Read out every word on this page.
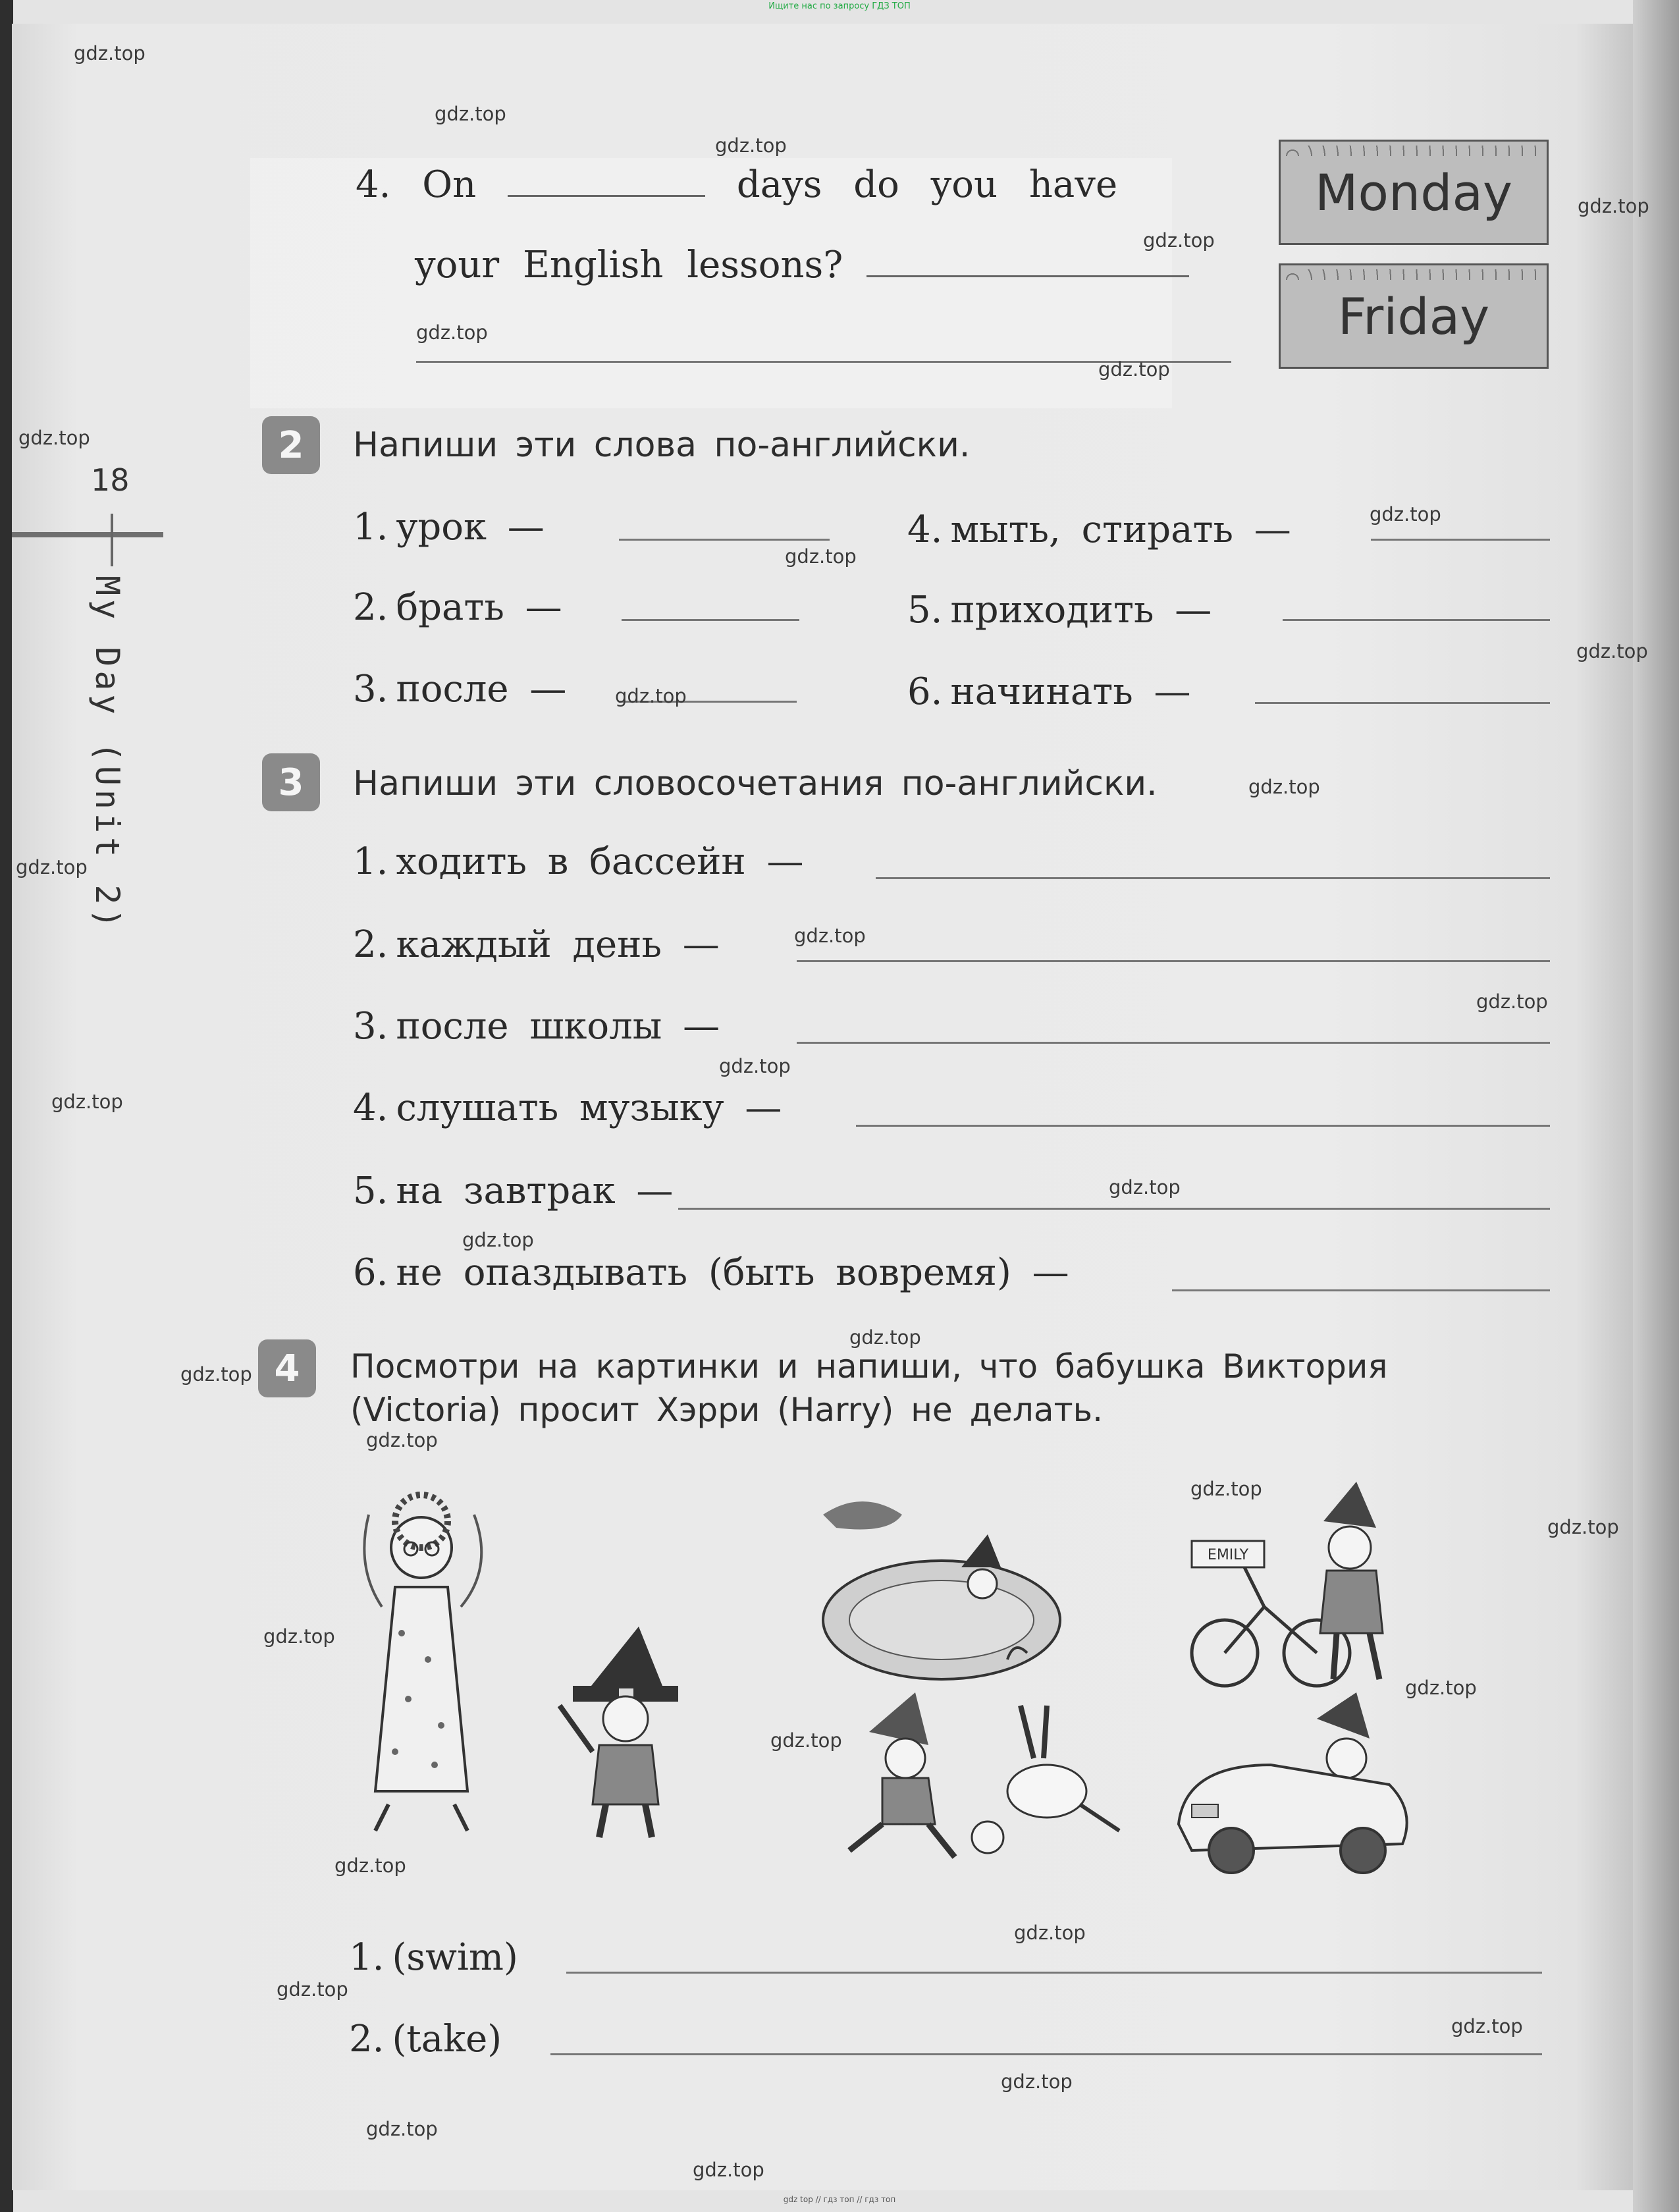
Ищите нас по запросу ГДЗ ТОП
18
My Day (Unit 2)
4. On	days do you have
your English lessons?
Monday
Friday
2	Напиши эти слова по-английски.
1. урок —
2. брать —
3. после —
4. мыть, стирать —
5. приходить —
6. начинать —
3	Напиши эти словосочетания по-английски.
1. ходить в бассейн —
2. каждый день —
3. после школы —
4. слушать музыку —
5. на завтрак —
6. не опаздывать (быть вовремя) —
4	Посмотри на картинки и напиши, что бабушка Виктория
(Victoria) просит Хэрри (Harry) не делать.
EMILY
1. (swim)
2. (take)
gdz.top
gdz.top
gdz.top
gdz.top
gdz.top
gdz.top
gdz.top
gdz.top
gdz.top
gdz.top
gdz.top
gdz.top
gdz.top
gdz.top
gdz.top
gdz.top
gdz.top
gdz.top
gdz.top
gdz.top
gdz.top
gdz.top
gdz.top
gdz.top
gdz.top
gdz.top
gdz.top
gdz.top
gdz.top
gdz.top
gdz.top
gdz.top
gdz.top
gdz.top
gdz.top
gdz top // гдз топ // гдз топ
